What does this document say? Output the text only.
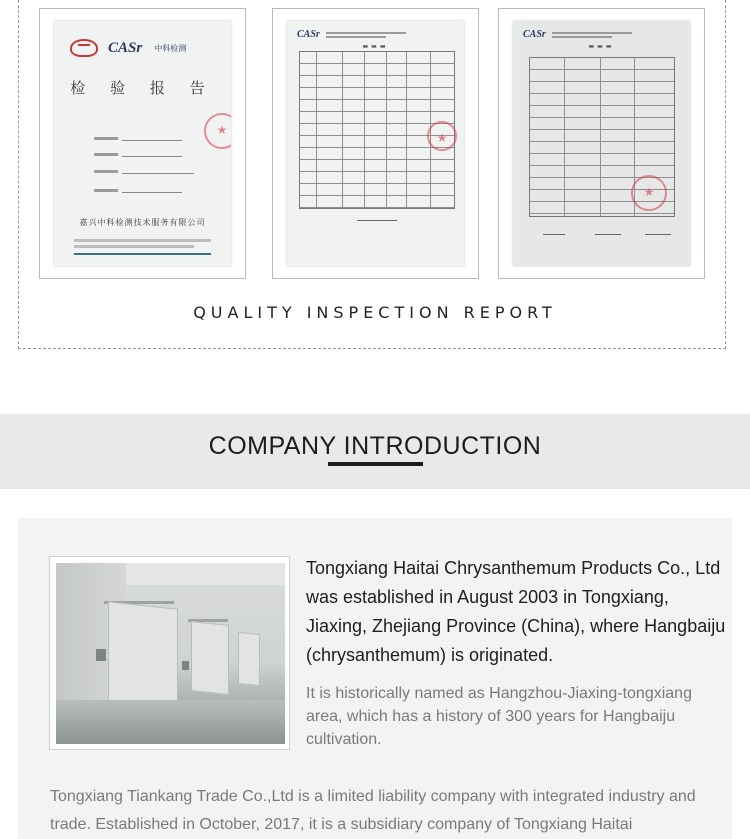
CASr 中科检测
检 验 报 告
★
嘉兴中科检测技术服务有限公司
CASr
▬▬▬
★
CASr
▬▬▬
★
QUALITY INSPECTION REPORT
COMPANY INTRODUCTION
Tongxiang Haitai Chrysanthemum Products Co., Ltd was established in August 2003 in Tongxiang, Jiaxing, Zhejiang Province (China), where Hangbaiju (chrysanthemum) is originated.
It is historically named as Hangzhou-Jiaxing-tongxiang area, which has a history of 300 years for Hangbaiju cultivation.
Tongxiang Tiankang Trade Co.,Ltd is a limited liability company with integrated industry and trade. Established in October, 2017, it is a subsidiary company of Tongxiang Haitai
